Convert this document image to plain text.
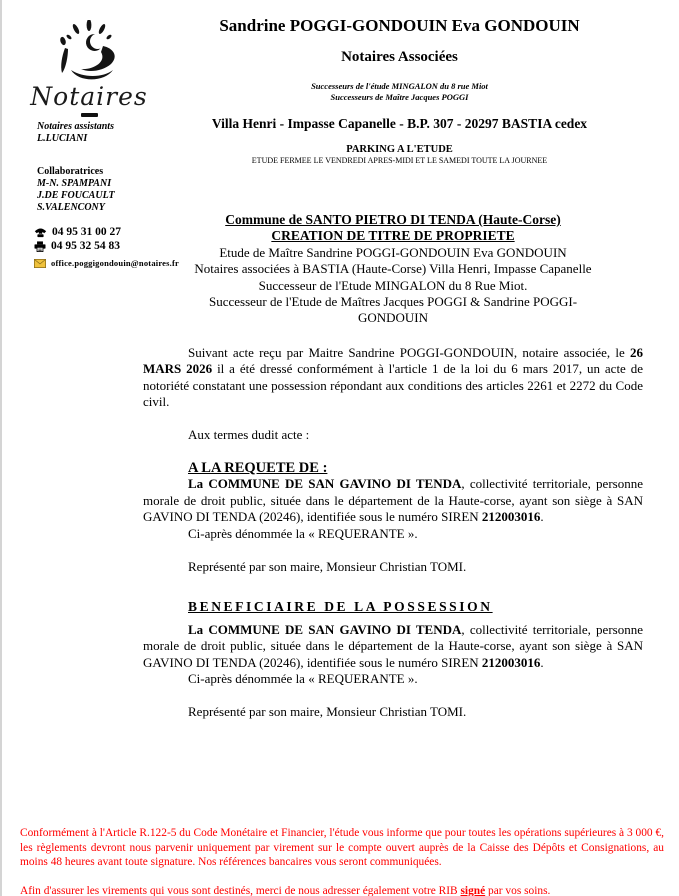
Notaires
Notaires assistants
L.LUCIANI
Collaboratrices
M-N. SPAMPANI
J.DE FOUCAULT
S.VALENCONY
04 95 31 00 27
04 95 32 54 83
office.poggigondouin@notaires.fr
Sandrine POGGI-GONDOUIN Eva GONDOUIN
Notaires Associées
Successeurs de l'étude MINGALON du 8 rue Miot
Successeurs de Maître Jacques POGGI
Villa Henri - Impasse Capanelle - B.P. 307 - 20297 BASTIA cedex
PARKING A L'ETUDE
ETUDE FERMEE LE VENDREDI APRES-MIDI ET LE SAMEDI TOUTE LA JOURNEE
Commune de SANTO PIETRO DI TENDA (Haute-Corse)
CREATION DE TITRE DE PROPRIETE
Etude de Maître Sandrine POGGI-GONDOUIN Eva GONDOUIN
Notaires associées à BASTIA (Haute-Corse) Villa Henri, Impasse Capanelle
Successeur de l'Etude MINGALON du 8 Rue Miot.
Successeur de l'Etude de Maîtres Jacques POGGI & Sandrine POGGI-
GONDOUIN

Suivant acte reçu par Maitre Sandrine POGGI-GONDOUIN, notaire associée, le 26 MARS 2026 il a été dressé conformément à l'article 1 de la loi du 6 mars 2017, un acte de notoriété constatant une possession répondant aux conditions des articles 2261 et 2272 du Code civil.

Aux termes dudit acte :

A LA REQUETE DE :

La COMMUNE DE SAN GAVINO DI TENDA, collectivité territoriale, personne morale de droit public, située dans le département de la Haute-corse, ayant son siège à SAN GAVINO DI TENDA (20246), identifiée sous le numéro SIREN 212003016.

Ci-après dénommée la « REQUERANTE ».

Représenté par son maire, Monsieur Christian TOMI.

BENEFICIAIRE DE LA POSSESSION

La COMMUNE DE SAN GAVINO DI TENDA, collectivité territoriale, personne morale de droit public, située dans le département de la Haute-corse, ayant son siège à SAN GAVINO DI TENDA (20246), identifiée sous le numéro SIREN 212003016.

Ci-après dénommée la « REQUERANTE ».

Représenté par son maire, Monsieur Christian TOMI.

Conformément à l'Article R.122-5 du Code Monétaire et Financier, l'étude vous informe que pour toutes les opérations supérieures à 3 000 €, les règlements devront nous parvenir uniquement par virement sur le compte ouvert auprès de la Caisse des Dépôts et Consignations, au moins 48 heures avant toute signature. Nos références bancaires vous seront communiquées.

Afin d'assurer les virements qui vous sont destinés, merci de nous adresser également votre RIB signé par vos soins.
